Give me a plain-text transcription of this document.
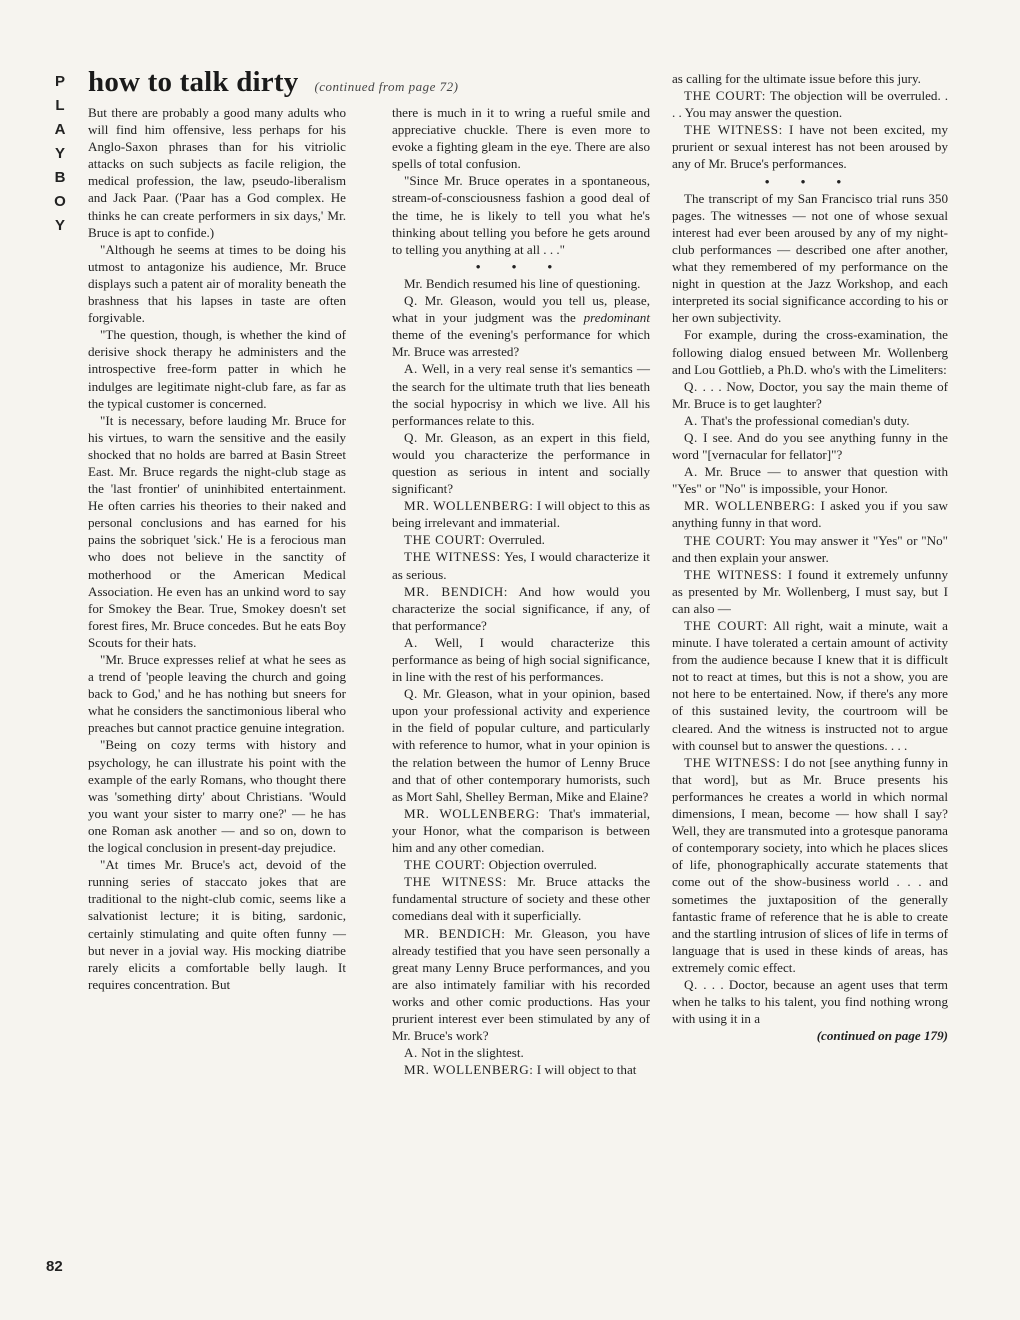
P
L
A
Y
B
O
Y
how to talk dirty (continued from page 72)

But there are probably a good many adults who will find him offensive, less perhaps for his Anglo-Saxon phrases than for his vitriolic attacks on such subjects as facile religion, the medical profession, the law, pseudo-liberalism and Jack Paar. ('Paar has a God complex. He thinks he can create performers in six days,' Mr. Bruce is apt to confide.)

"Although he seems at times to be doing his utmost to antagonize his audience, Mr. Bruce displays such a patent air of morality beneath the brashness that his lapses in taste are often forgivable.

"The question, though, is whether the kind of derisive shock therapy he administers and the introspective free-form patter in which he indulges are legitimate night-club fare, as far as the typical customer is concerned.

"It is necessary, before lauding Mr. Bruce for his virtues, to warn the sensitive and the easily shocked that no holds are barred at Basin Street East. Mr. Bruce regards the night-club stage as the 'last frontier' of uninhibited entertainment. He often carries his theories to their naked and personal conclusions and has earned for his pains the sobriquet 'sick.' He is a ferocious man who does not believe in the sanctity of motherhood or the American Medical Association. He even has an unkind word to say for Smokey the Bear. True, Smokey doesn't set forest fires, Mr. Bruce concedes. But he eats Boy Scouts for their hats.

"Mr. Bruce expresses relief at what he sees as a trend of 'people leaving the church and going back to God,' and he has nothing but sneers for what he considers the sanctimonious liberal who preaches but cannot practice genuine integration.

"Being on cozy terms with history and psychology, he can illustrate his point with the example of the early Romans, who thought there was 'something dirty' about Christians. 'Would you want your sister to marry one?' — he has one Roman ask another — and so on, down to the logical conclusion in present-day prejudice.

"At times Mr. Bruce's act, devoid of the running series of staccato jokes that are traditional to the night-club comic, seems like a salvationist lecture; it is biting, sardonic, certainly stimulating and quite often funny — but never in a jovial way. His mocking diatribe rarely elicits a comfortable belly laugh. It requires concentration. But

there is much in it to wring a rueful smile and appreciative chuckle. There is even more to evoke a fighting gleam in the eye. There are also spells of total confusion.

"Since Mr. Bruce operates in a spontaneous, stream-of-consciousness fashion a good deal of the time, he is likely to tell you what he's thinking about telling you before he gets around to telling you anything at all . . ."

• • •

Mr. Bendich resumed his line of questioning.

Q. Mr. Gleason, would you tell us, please, what in your judgment was the predominant theme of the evening's performance for which Mr. Bruce was arrested?

A. Well, in a very real sense it's semantics — the search for the ultimate truth that lies beneath the social hypocrisy in which we live. All his performances relate to this.

Q. Mr. Gleason, as an expert in this field, would you characterize the performance in question as serious in intent and socially significant?

MR. WOLLENBERG: I will object to this as being irrelevant and immaterial.

THE COURT: Overruled.

THE WITNESS: Yes, I would characterize it as serious.

MR. BENDICH: And how would you characterize the social significance, if any, of that performance?

A. Well, I would characterize this performance as being of high social significance, in line with the rest of his performances.

Q. Mr. Gleason, what in your opinion, based upon your professional activity and experience in the field of popular culture, and particularly with reference to humor, what in your opinion is the relation between the humor of Lenny Bruce and that of other contemporary humorists, such as Mort Sahl, Shelley Berman, Mike and Elaine?

MR. WOLLENBERG: That's immaterial, your Honor, what the comparison is between him and any other comedian.

THE COURT: Objection overruled.

THE WITNESS: Mr. Bruce attacks the fundamental structure of society and these other comedians deal with it superficially.

MR. BENDICH: Mr. Gleason, you have already testified that you have seen personally a great many Lenny Bruce performances, and you are also intimately familiar with his recorded works and other comic productions. Has your prurient interest ever been stimulated by any of Mr. Bruce's work?

A. Not in the slightest.

MR. WOLLENBERG: I will object to that

as calling for the ultimate issue before this jury.

THE COURT: The objection will be overruled. . . . You may answer the question.

THE WITNESS: I have not been excited, my prurient or sexual interest has not been aroused by any of Mr. Bruce's performances.

• • •

The transcript of my San Francisco trial runs 350 pages. The witnesses — not one of whose sexual interest had ever been aroused by any of my night-club performances — described one after another, what they remembered of my performance on the night in question at the Jazz Workshop, and each interpreted its social significance according to his or her own subjectivity.

For example, during the cross-examination, the following dialog ensued between Mr. Wollenberg and Lou Gottlieb, a Ph.D. who's with the Limeliters:

Q. . . . Now, Doctor, you say the main theme of Mr. Bruce is to get laughter?

A. That's the professional comedian's duty.

Q. I see. And do you see anything funny in the word "[vernacular for fellator]"?

A. Mr. Bruce — to answer that question with "Yes" or "No" is impossible, your Honor.

MR. WOLLENBERG: I asked you if you saw anything funny in that word.

THE COURT: You may answer it "Yes" or "No" and then explain your answer.

THE WITNESS: I found it extremely unfunny as presented by Mr. Wollenberg, I must say, but I can also —

THE COURT: All right, wait a minute, wait a minute. I have tolerated a certain amount of activity from the audience because I knew that it is difficult not to react at times, but this is not a show, you are not here to be entertained. Now, if there's any more of this sustained levity, the courtroom will be cleared. And the witness is instructed not to argue with counsel but to answer the questions. . . .

THE WITNESS: I do not [see anything funny in that word], but as Mr. Bruce presents his performances he creates a world in which normal dimensions, I mean, become — how shall I say? Well, they are transmuted into a grotesque panorama of contemporary society, into which he places slices of life, phonographically accurate statements that come out of the show-business world . . . and sometimes the juxtaposition of the generally fantastic frame of reference that he is able to create and the startling intrusion of slices of life in terms of language that is used in these kinds of areas, has extremely comic effect.

Q. . . . Doctor, because an agent uses that term when he talks to his talent, you find nothing wrong with using it in a

(continued on page 179)

82
